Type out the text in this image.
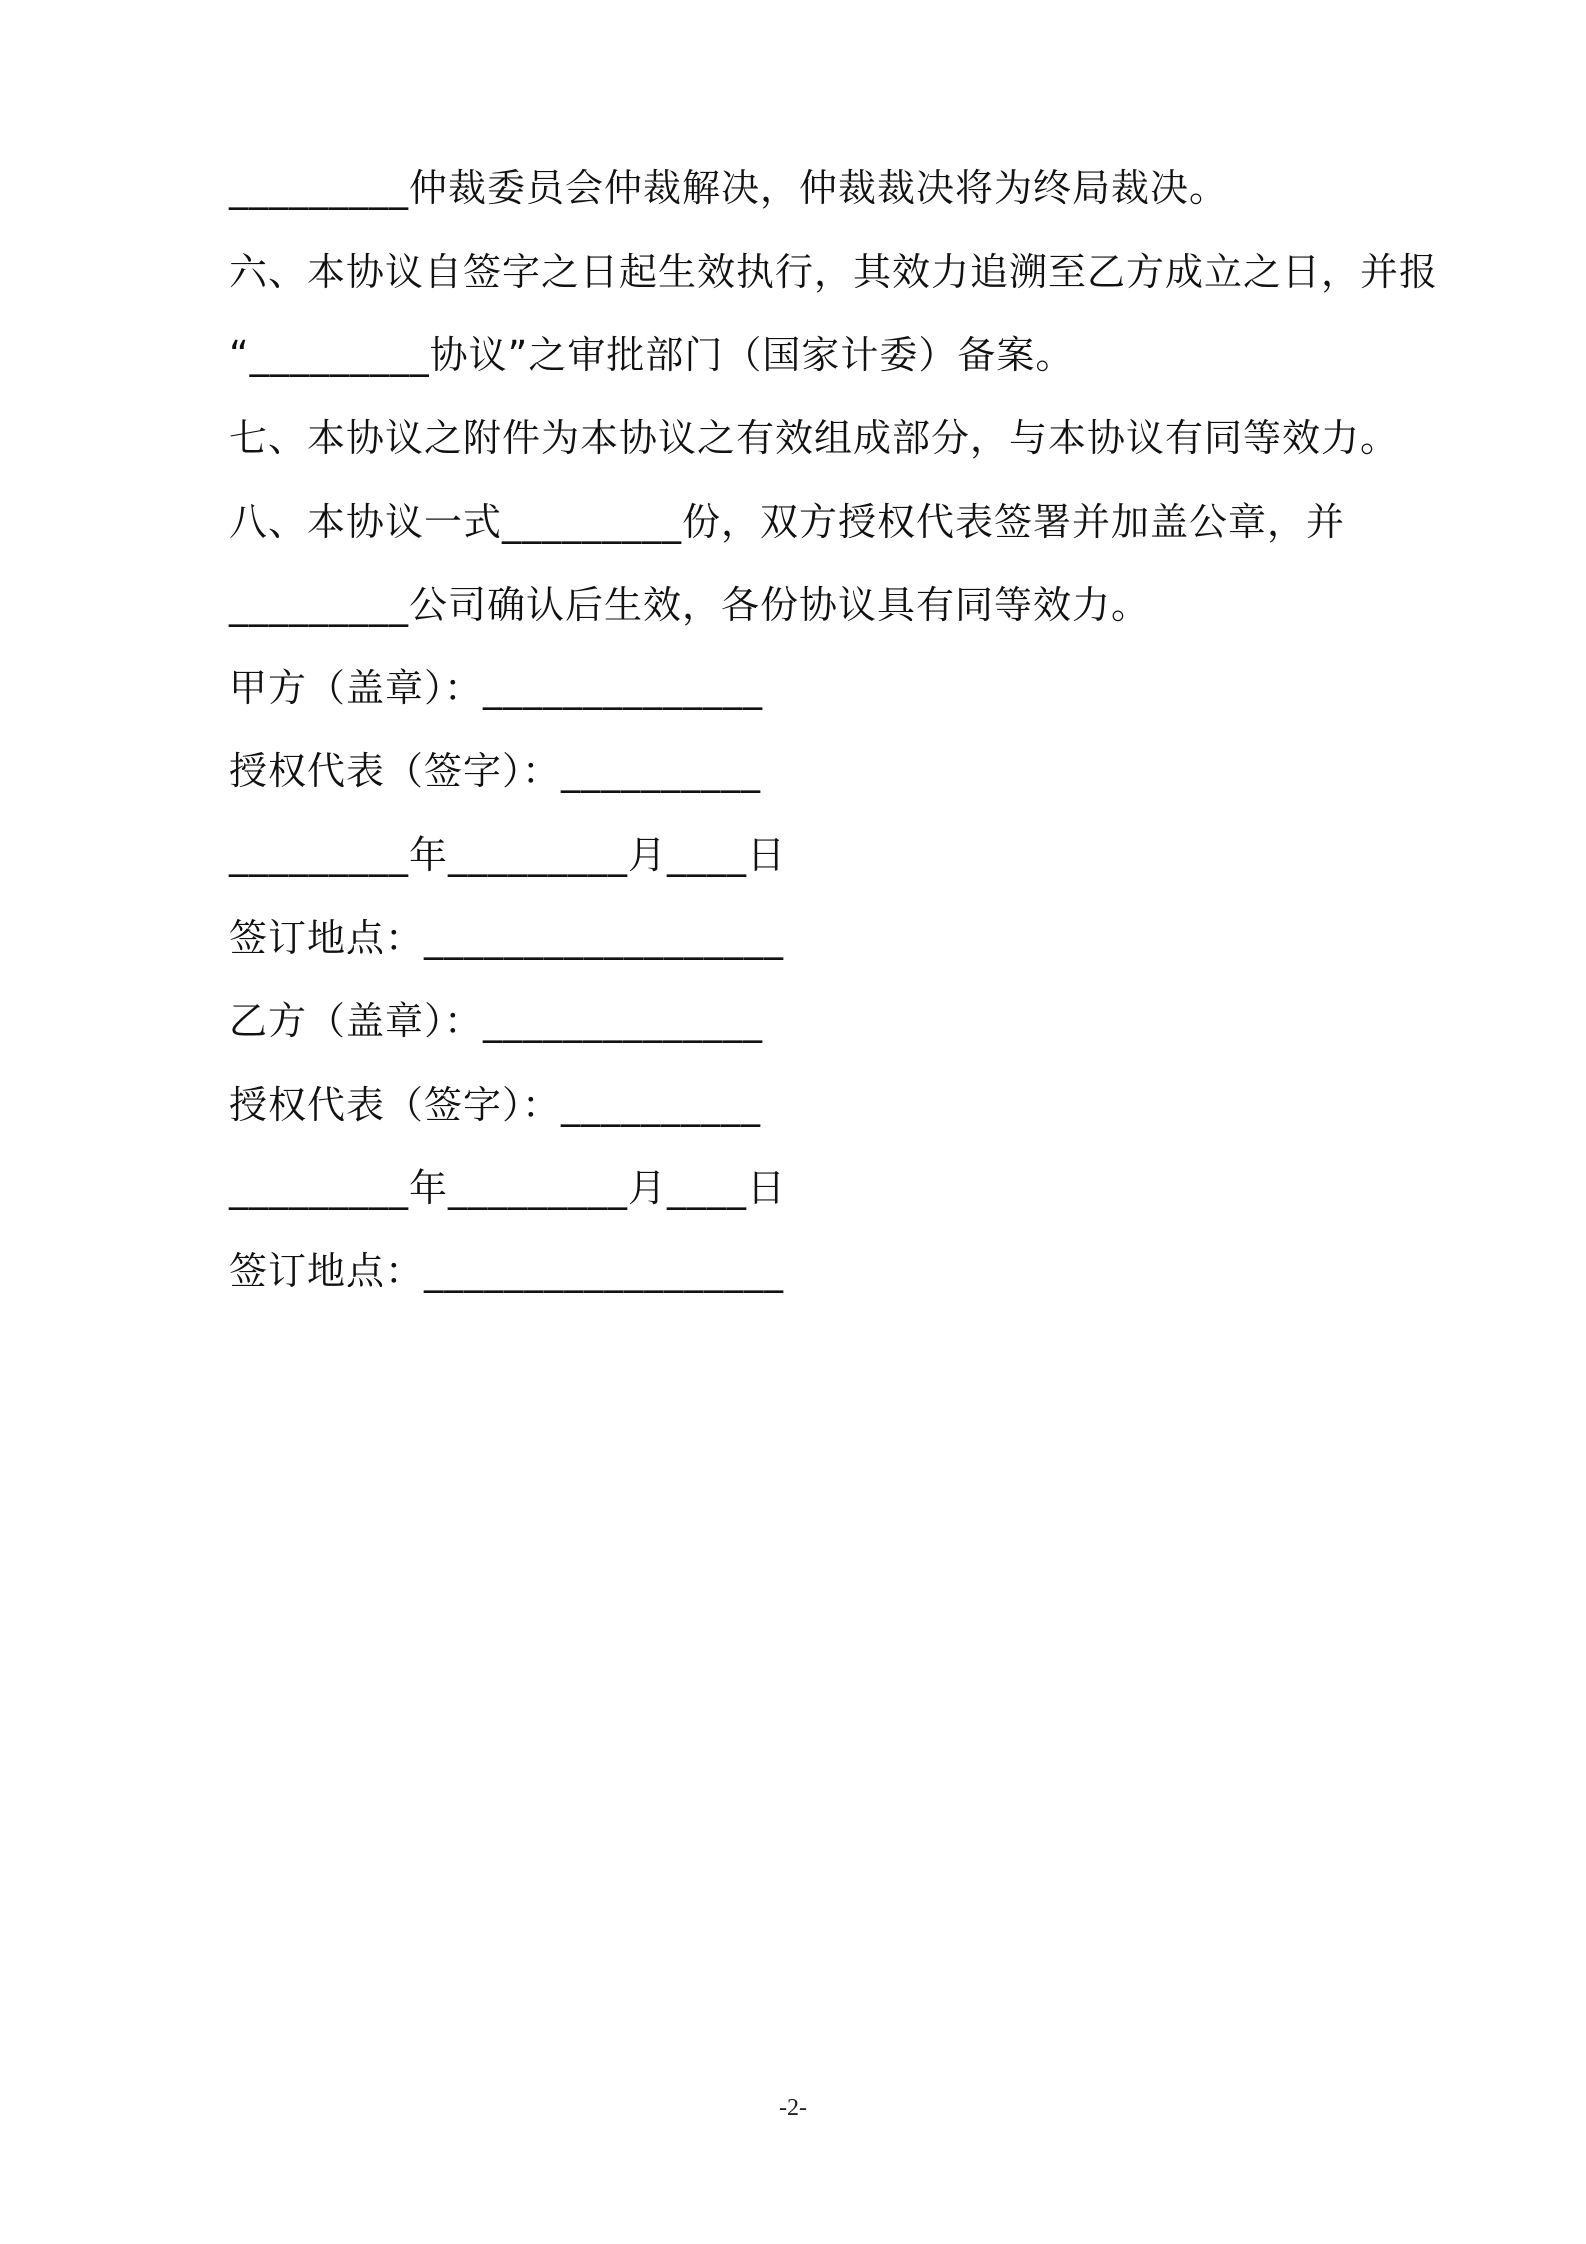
_________仲裁委员会仲裁解决，仲裁裁决将为终局裁决。
六、本协议自签字之日起生效执行，其效力追溯至乙方成立之日，并报
“_________协议”之审批部门（国家计委）备案。
七、本协议之附件为本协议之有效组成部分，与本协议有同等效力。
八、本协议一式_________份，双方授权代表签署并加盖公章，并
_________公司确认后生效，各份协议具有同等效力。
甲方（盖章）：______________
授权代表（签字）：__________
_________年_________月____日
签订地点：__________________
乙方（盖章）：______________
授权代表（签字）：__________
_________年_________月____日
签订地点：__________________
-2-
